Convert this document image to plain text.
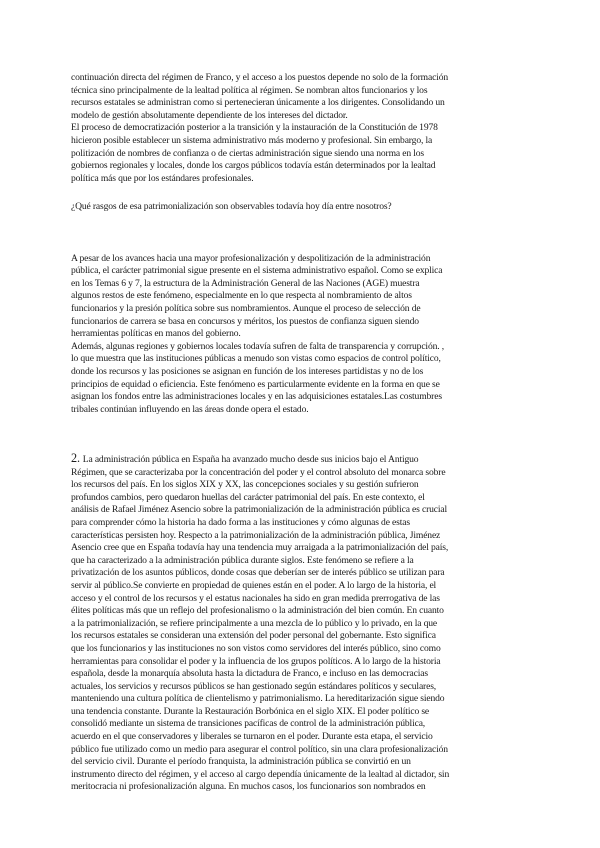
continuación directa del régimen de Franco, y el acceso a los puestos depende no solo de la formación
técnica sino principalmente de la lealtad política al régimen. Se nombran altos funcionarios y los
recursos estatales se administran como si pertenecieran únicamente a los dirigentes. Consolidando un
modelo de gestión absolutamente dependiente de los intereses del dictador.
El proceso de democratización posterior a la transición y la instauración de la Constitución de 1978
hicieron posible establecer un sistema administrativo más moderno y profesional. Sin embargo, la
politización de nombres de confianza o de ciertas administración sigue siendo una norma en los
gobiernos regionales y locales, donde los cargos públicos todavía están determinados por la lealtad
política más que por los estándares profesionales.
¿Qué rasgos de esa patrimonialización son observables todavía hoy día entre nosotros?

A pesar de los avances hacia una mayor profesionalización y despolitización de la administración
pública, el carácter patrimonial sigue presente en el sistema administrativo español. Como se explica
en los Temas 6 y 7, la estructura de la Administración General de las Naciones (AGE) muestra
algunos restos de este fenómeno, especialmente en lo que respecta al nombramiento de altos
funcionarios y la presión política sobre sus nombramientos. Aunque el proceso de selección de
funcionarios de carrera se basa en concursos y méritos, los puestos de confianza siguen siendo
herramientas políticas en manos del gobierno.
Además, algunas regiones y gobiernos locales todavía sufren de falta de transparencia y corrupción. ,
lo que muestra que las instituciones públicas a menudo son vistas como espacios de control político,
donde los recursos y las posiciones se asignan en función de los intereses partidistas y no de los
principios de equidad o eficiencia. Este fenómeno es particularmente evidente en la forma en que se
asignan los fondos entre las administraciones locales y en las adquisiciones estatales.Las costumbres
tribales continúan influyendo en las áreas donde opera el estado.
2. La administración pública en España ha avanzado mucho desde sus inicios bajo el Antiguo
Régimen, que se caracterizaba por la concentración del poder y el control absoluto del monarca sobre
los recursos del país. En los siglos XIX y XX, las concepciones sociales y su gestión sufrieron
profundos cambios, pero quedaron huellas del carácter patrimonial del país. En este contexto, el
análisis de Rafael Jiménez Asencio sobre la patrimonialización de la administración pública es crucial
para comprender cómo la historia ha dado forma a las instituciones y cómo algunas de estas
características persisten hoy. Respecto a la patrimonialización de la administración pública, Jiménez
Asencio cree que en España todavía hay una tendencia muy arraigada a la patrimonialización del país,
que ha caracterizado a la administración pública durante siglos. Este fenómeno se refiere a la
privatización de los asuntos públicos, donde cosas que deberían ser de interés público se utilizan para
servir al público.Se convierte en propiedad de quienes están en el poder. A lo largo de la historia, el
acceso y el control de los recursos y el estatus nacionales ha sido en gran medida prerrogativa de las
élites políticas más que un reflejo del profesionalismo o la administración del bien común. En cuanto
a la patrimonialización, se refiere principalmente a una mezcla de lo público y lo privado, en la que
los recursos estatales se consideran una extensión del poder personal del gobernante. Esto significa
que los funcionarios y las instituciones no son vistos como servidores del interés público, sino como
herramientas para consolidar el poder y la influencia de los grupos políticos. A lo largo de la historia
española, desde la monarquía absoluta hasta la dictadura de Franco, e incluso en las democracias
actuales, los servicios y recursos públicos se han gestionado según estándares políticos y seculares,
manteniendo una cultura política de clientelismo y patrimonialismo. La hereditarización sigue siendo
una tendencia constante. Durante la Restauración Borbónica en el siglo XIX. El poder político se
consolidó mediante un sistema de transiciones pacíficas de control de la administración pública,
acuerdo en el que conservadores y liberales se turnaron en el poder. Durante esta etapa, el servicio
público fue utilizado como un medio para asegurar el control político, sin una clara profesionalización
del servicio civil. Durante el período franquista, la administración pública se convirtió en un
instrumento directo del régimen, y el acceso al cargo dependía únicamente de la lealtad al dictador, sin
meritocracia ni profesionalización alguna. En muchos casos, los funcionarios son nombrados en
